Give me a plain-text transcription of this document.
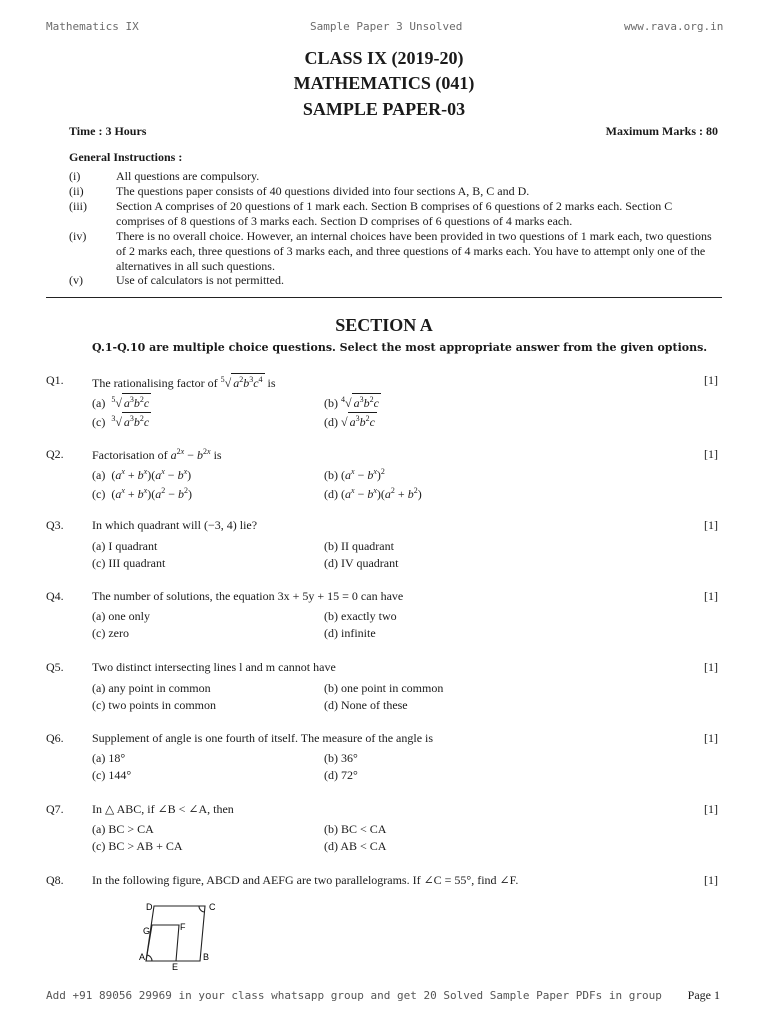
Mathematics IX	Sample Paper 3 Unsolved	www.rava.org.in
CLASS IX (2019-20)
MATHEMATICS (041)
SAMPLE PAPER-03
Time : 3 Hours	Maximum Marks : 80
General Instructions :
(i)	All questions are compulsory.
(ii)	The questions paper consists of 40 questions divided into four sections A, B, C and D.
(iii) Section A comprises of 20 questions of 1 mark each. Section B comprises of 6 questions of 2 marks each. Section C comprises of 8 questions of 3 marks each. Section D comprises of 6 questions of 4 marks each.
(iv) There is no overall choice. However, an internal choices have been provided in two questions of 1 mark each, two questions of 2 marks each, three questions of 3 marks each, and three questions of 4 marks each. You have to attempt only one of the alternatives in all such questions.
(v)	Use of calculators is not permitted.
SECTION A
Q.1-Q.10 are multiple choice questions. Select the most appropriate answer from the given options.
Q1. The rationalising factor of $^5$√ $a^2b^3c^4$ is	[1]
(a)  $^5$√ $a^3b^2c$	(b) $^4$√ $a^3b^2c$
(c)  $^3$√ $a^3b^2c$	(d) √ $a^3b^2c$
Q2. Factorisation of $a^{2x} - b^{2x}$ is	[1]
(a)  $(a^x + b^x)(a^x - b^x)$	(b) $(a^x - b^x)^2$
(c)  $(a^x + b^x)(a^2 - b^2)$	(d) $(a^x - b^x)(a^2 + b^2)$
Q3. In which quadrant will (−3, 4) lie?	[1]
(a) I quadrant	(b) II quadrant
(c) III quadrant	(d) IV quadrant
Q4. The number of solutions, the equation 3x + 5y + 15 = 0 can have	[1]
(a) one only	(b) exactly two
(c) zero	(d) infinite
Q5. Two distinct intersecting lines l and m cannot have	[1]
(a) any point in common	(b) one point in common
(c) two points in common	(d) None of these
Q6. Supplement of angle is one fourth of itself. The measure of the angle is	[1]
(a) 18°	(b) 36°
(c) 144°	(d) 72°
Q7. In △ ABC, if ∠B < ∠A, then	[1]
(a) BC > CA	(b) BC < CA
(c) BC > AB + CA	(d) AB < CA
Q8. In the following figure, ABCD and AEFG are two parallelograms. If ∠C = 55°, find ∠F.	[1]
D	C
G	F
A	B
E
Add +91 89056 29969 in your class whatsapp group and get 20 Solved Sample Paper PDFs in group	Page 1
